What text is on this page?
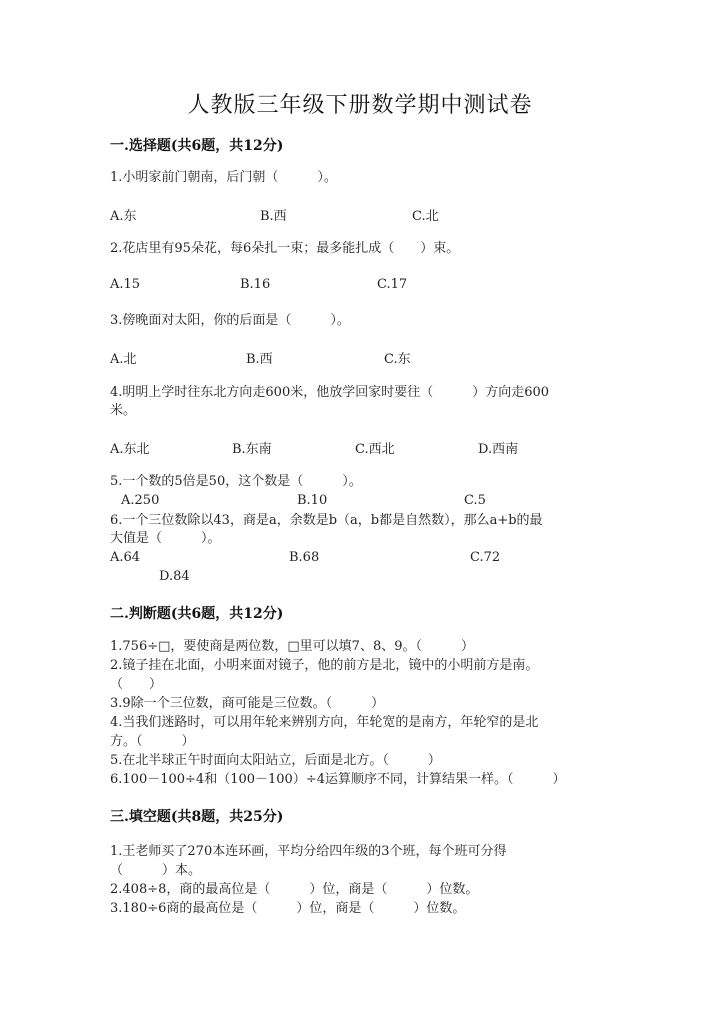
人教版三年级下册数学期中测试卷
一.选择题(共6题，共12分)
1.小明家前门朝南，后门朝（　　　）。
A.东	B.西	C.北
2.花店里有95朵花，每6朵扎一束；最多能扎成（　　）束。
A.15	B.16	C.17
3.傍晚面对太阳，你的后面是（　　　）。
A.北	B.西	C.东
4.明明上学时往东北方向走600米，他放学回家时要往（　　　）方向走600
米。
A.东北	B.东南	C.西北	D.西南
5.一个数的5倍是50，这个数是（　　　）。
A.250	B.10	C.5
6.一个三位数除以43，商是a，余数是b（a，b都是自然数），那么a+b的最
大值是（　　　）。
A.64	B.68	C.72
D.84
二.判断题(共6题，共12分)
1.756÷□，要使商是两位数，□里可以填7、8、9。（　　　）
2.镜子挂在北面，小明来面对镜子，他的前方是北，镜中的小明前方是南。
（　　）
3.9除一个三位数，商可能是三位数。（　　　）
4.当我们迷路时，可以用年轮来辨别方向，年轮宽的是南方，年轮窄的是北
方。（　　　）
5.在北半球正午时面向太阳站立，后面是北方。（　　　）
6.100－100÷4和（100－100）÷4运算顺序不同，计算结果一样。（　　　）
三.填空题(共8题，共25分)
1.王老师买了270本连环画，平均分给四年级的3个班，每个班可分得
（　　　）本。
2.408÷8，商的最高位是（　　　）位，商是（　　　）位数。
3.180÷6商的最高位是（　　　）位，商是（　　　）位数。
